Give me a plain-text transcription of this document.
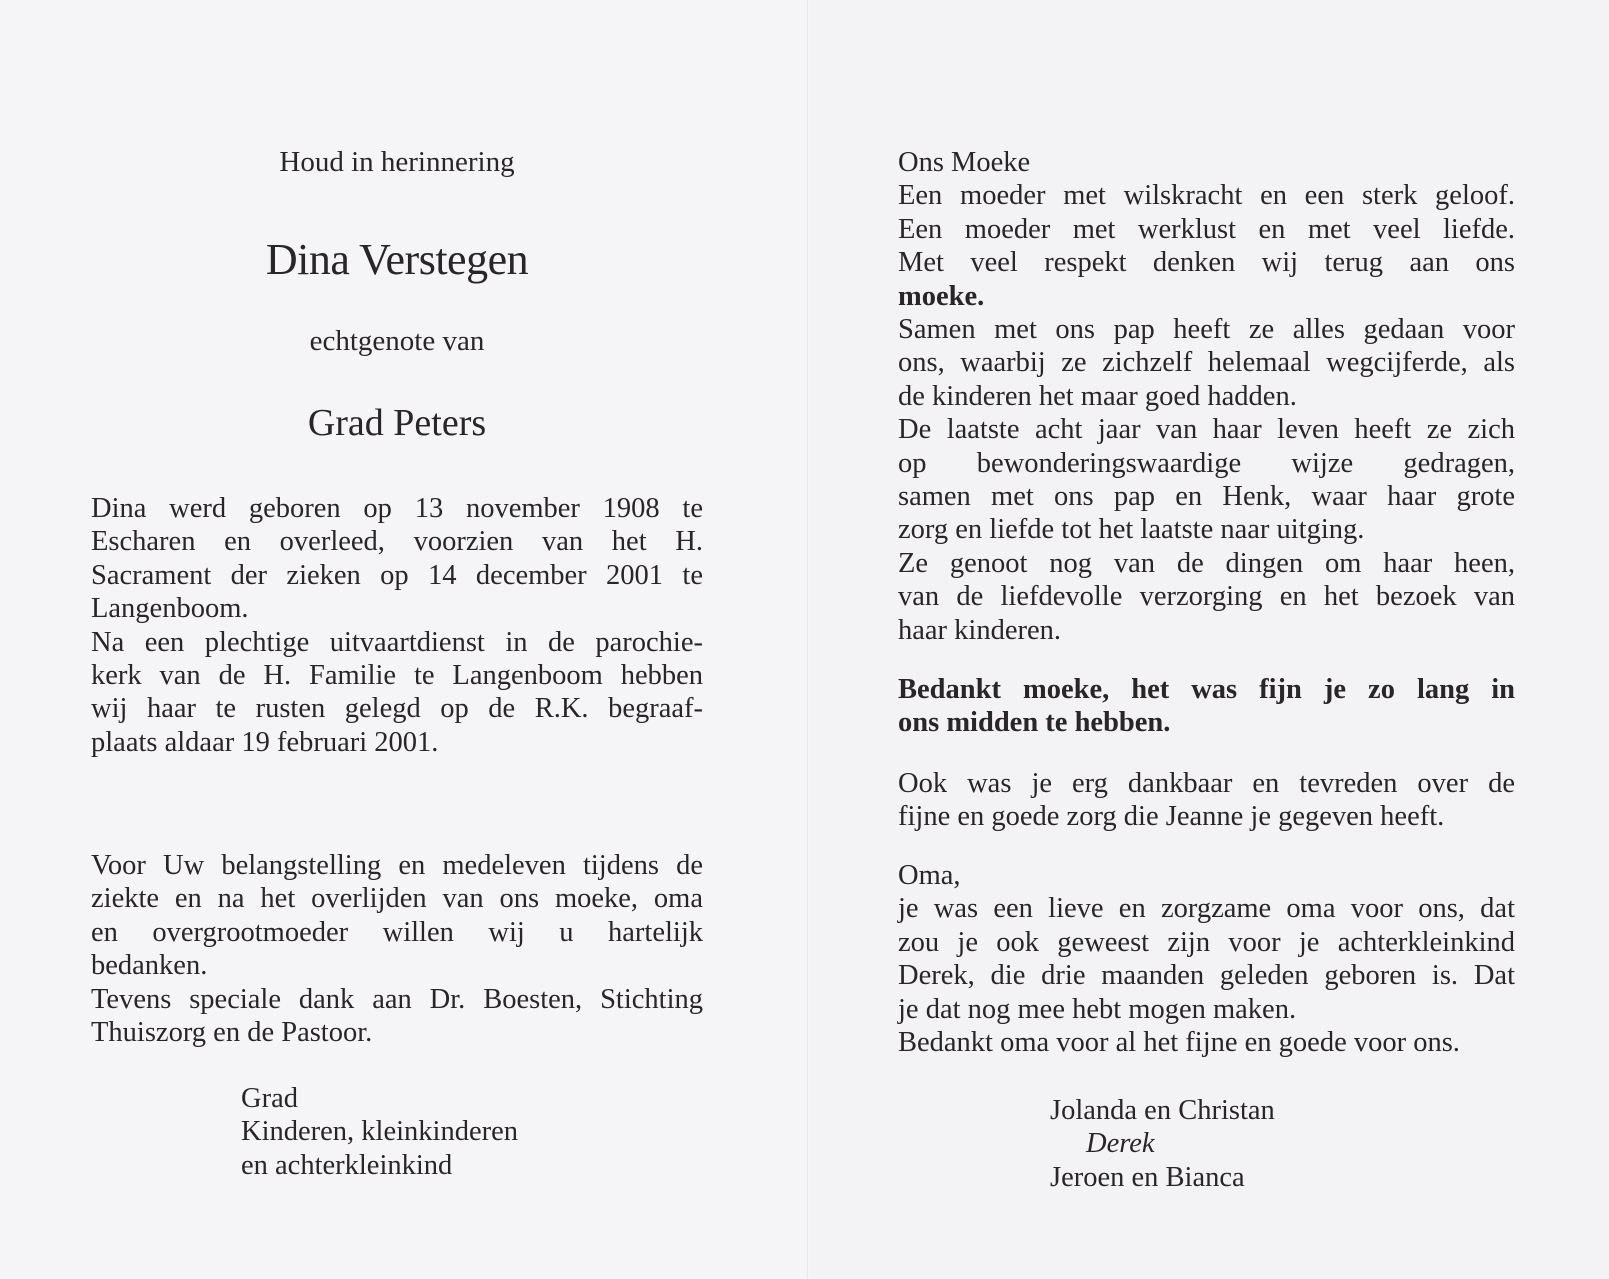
Houd in herinnering
Dina Verstegen
echtgenote van
Grad Peters
Dina werd geboren op 13 november 1908 te
Escharen en overleed, voorzien van het H.
Sacrament der zieken op 14 december 2001 te
Langenboom.
Na een plechtige uitvaartdienst in de parochie-
kerk van de H. Familie te Langenboom hebben
wij haar te rusten gelegd op de R.K. begraaf-
plaats aldaar 19 februari 2001.
Voor Uw belangstelling en medeleven tijdens de
ziekte en na het overlijden van ons moeke, oma
en overgrootmoeder willen wij u hartelijk
bedanken.
Tevens speciale dank aan Dr. Boesten, Stichting
Thuiszorg en de Pastoor.
Grad
Kinderen, kleinkinderen
en achterkleinkind
Ons Moeke
Een moeder met wilskracht en een sterk geloof.
Een moeder met werklust en met veel liefde.
Met veel respekt denken wij terug aan ons
moeke.
Samen met ons pap heeft ze alles gedaan voor
ons, waarbij ze zichzelf helemaal wegcijferde, als
de kinderen het maar goed hadden.
De laatste acht jaar van haar leven heeft ze zich
op bewonderingswaardige wijze gedragen,
samen met ons pap en Henk, waar haar grote
zorg en liefde tot het laatste naar uitging.
Ze genoot nog van de dingen om haar heen,
van de liefdevolle verzorging en het bezoek van
haar kinderen.
Bedankt moeke, het was fijn je zo lang in
ons midden te hebben.
Ook was je erg dankbaar en tevreden over de
fijne en goede zorg die Jeanne je gegeven heeft.
Oma,
je was een lieve en zorgzame oma voor ons, dat
zou je ook geweest zijn voor je achterkleinkind
Derek, die drie maanden geleden geboren is. Dat
je dat nog mee hebt mogen maken.
Bedankt oma voor al het fijne en goede voor ons.
Jolanda en Christan
Derek
Jeroen en Bianca
